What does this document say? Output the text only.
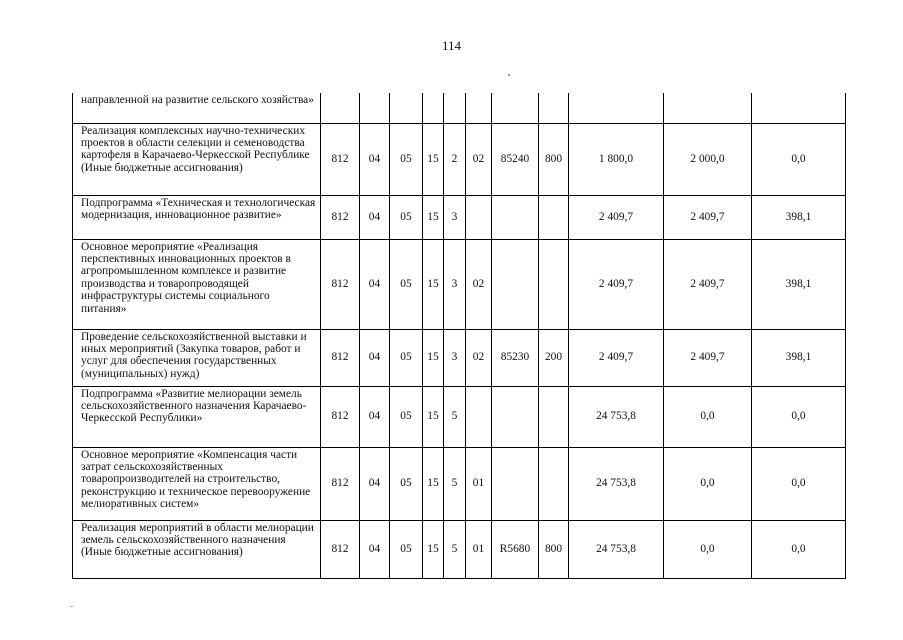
114
направленной на развитие сельского хозяйства»											
Реализация комплексных научно-технических проектов в области селекции и семеноводства картофеля в Карачаево-Черкесской Республике (Иные бюджетные ассигнования)	812	04	05	15	2	02	85240	800	1 800,0	2 000,0	0,0
Подпрограмма «Техническая и технологическая модернизация, инновационное развитие»	812	04	05	15	3				2 409,7	2 409,7	398,1
Основное мероприятие «Реализация перспективных инновационных проектов в агропромышленном комплексе и развитие производства и товаропроводящей инфраструктуры системы социального питания»	812	04	05	15	3	02			2 409,7	2 409,7	398,1
Проведение сельскохозяйственной выставки и иных мероприятий (Закупка товаров, работ и услуг для обеспечения государственных (муниципальных) нужд)	812	04	05	15	3	02	85230	200	2 409,7	2 409,7	398,1
Подпрограмма «Развитие мелиорации земель сельскохозяйственного назначения Карачаево-Черкесской Республики»	812	04	05	15	5				24 753,8	0,0	0,0
Основное мероприятие «Компенсация части затрат сельскохозяйственных товаропроизводителей на строительство, реконструкцию и техническое перевооружение мелиоративных систем»	812	04	05	15	5	01			24 753,8	0,0	0,0
Реализация мероприятий в области мелиорации земель сельскохозяйственного назначения (Иные бюджетные ассигнования)	812	04	05	15	5	01	R5680	800	24 753,8	0,0	0,0
